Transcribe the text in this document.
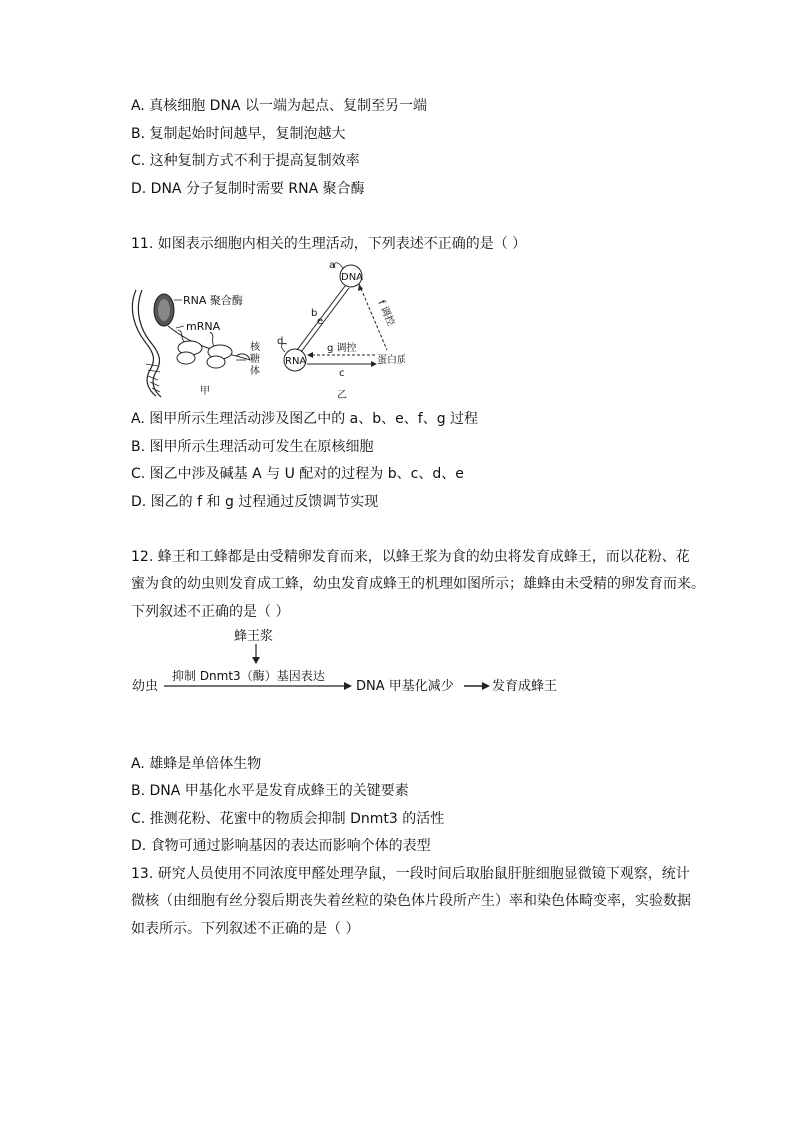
A. 真核细胞 DNA 以一端为起点、复制至另一端
B. 复制起始时间越早，复制泡越大
C. 这种复制方式不利于提高复制效率
D. DNA 分子复制时需要 RNA 聚合酶
11. 如图表示细胞内相关的生理活动，下列表述不正确的是（ ）
RNA 聚合酶
mRNA
核
糖
体
甲
a
DNA
RNA
d
b
e	f 调控
蛋白质
g 调控
c
乙
A. 图甲所示生理活动涉及图乙中的 a、b、e、f、g 过程
B. 图甲所示生理活动可发生在原核细胞
C. 图乙中涉及碱基 A 与 U 配对的过程为 b、c、d、e
D. 图乙的 f 和 g 过程通过反馈调节实现
12. 蜂王和工蜂都是由受精卵发育而来，以蜂王浆为食的幼虫将发育成蜂王，而以花粉、花
蜜为食的幼虫则发育成工蜂，幼虫发育成蜂王的机理如图所示；雄蜂由未受精的卵发育而来。
下列叙述不正确的是（ ）
蜂王浆
幼虫
抑制 Dnmt3（酶）基因表达
DNA 甲基化减少	发育成蜂王
A. 雄蜂是单倍体生物
B. DNA 甲基化水平是发育成蜂王的关键要素
C. 推测花粉、花蜜中的物质会抑制 Dnmt3 的活性
D. 食物可通过影响基因的表达而影响个体的表型
13. 研究人员使用不同浓度甲醛处理孕鼠，一段时间后取胎鼠肝脏细胞显微镜下观察，统计
微核（由细胞有丝分裂后期丧失着丝粒的染色体片段所产生）率和染色体畸变率，实验数据
如表所示。下列叙述不正确的是（ ）
